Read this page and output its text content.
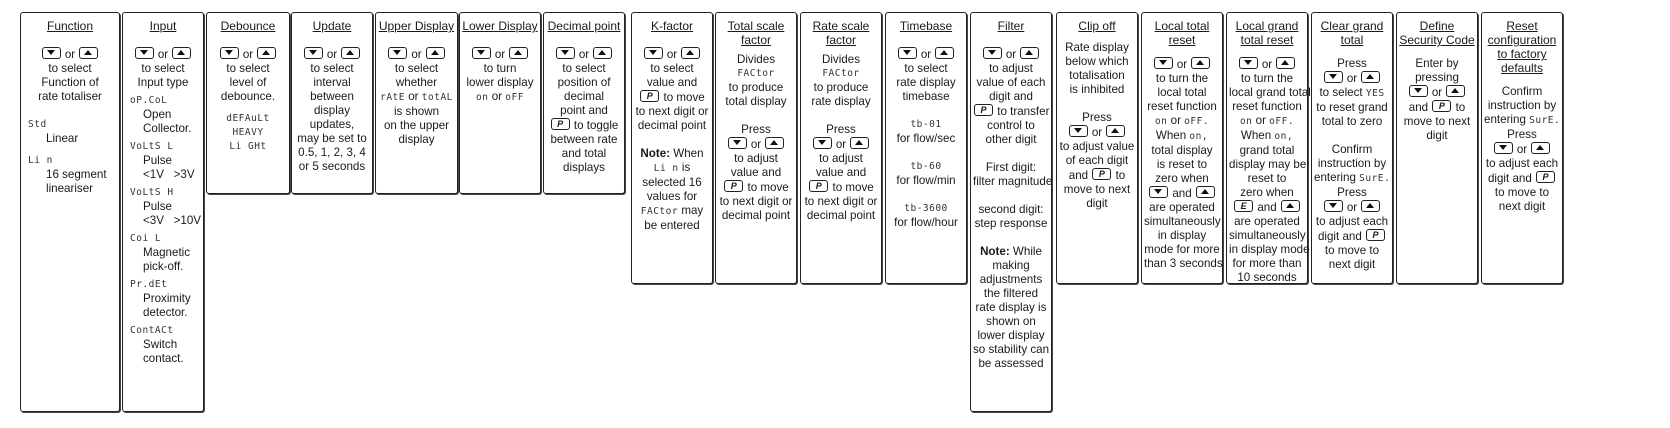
Function
or
to select
Function of
rate totaliser
Std
Linear
Li n
16 segment
lineariser
Input
or
to select
Input type
oP.CoL
Open
Collector.
VoLtS L
Pulse
<1V   >3V
VoLtS H
Pulse
<3V   >10V
Coi L
Magnetic
pick-off.
Pr.dEt
Proximity
detector.
ContACt
Switch
contact.
Debounce
or
to select
level of
debounce.
dEFAuLt
HEAVY
Li GHt
Update
or
to select
interval
between
display
updates,
may be set to
0.5, 1, 2, 3, 4
or 5 seconds
Upper Display
or
to select
whether
rAtE or totAL
is shown
on the upper
display
Lower Display
or
to turn
lower display
on or oFF
Decimal point
or
to select
position of
decimal
point and
P to toggle
between rate
and total
displays
K-factor
or
to select
value and
P to move
to next digit or
decimal point
Note: When
Li n is
selected 16
values for
FACtor may
be entered
Total scale
factor
Divides
FACtor
to produce
total display
Press
or
to adjust
value and
P to move
to next digit or
decimal point
Rate scale
factor
Divides
FACtor
to produce
rate display
Press
or
to adjust
value and
P to move
to next digit or
decimal point
Timebase
or
to select
rate display
timebase
tb-01
for flow/sec
tb-60
for flow/min
tb-3600
for flow/hour
Filter
or
to adjust
value of each
digit and
P to transfer
control to
other digit
First digit:
filter magnitude
second digit:
step response
Note: While
making
adjustments
the filtered
rate display is
shown on
lower display
so stability can
be assessed
Clip off
Rate display
below which
totalisation
is inhibited
Press
or
to adjust value
of each digit
and P to
move to next
digit
Local total
reset
or
to turn the
local total
reset function
on or oFF.
When on,
total display
is reset to
zero when
and
are operated
simultaneously
in display
mode for more
than 3 seconds
Local grand
total reset
or
to turn the
local grand total
reset function
on or oFF.
When on,
grand total
display may be
reset to
zero when
E and
are operated
simultaneously
in display mode
for more than
10 seconds
Clear grand
total
Press
or
to select YES
to reset grand
total to zero
Confirm
instruction by
entering SurE.
Press
or
to adjust each
digit and P
to move to
next digit
Define
Security Code
Enter by
pressing
or
and P to
move to next
digit
Reset
configuration
to factory
defaults
Confirm
instruction by
entering SurE.
Press
or
to adjust each
digit and P
to move to
next digit
